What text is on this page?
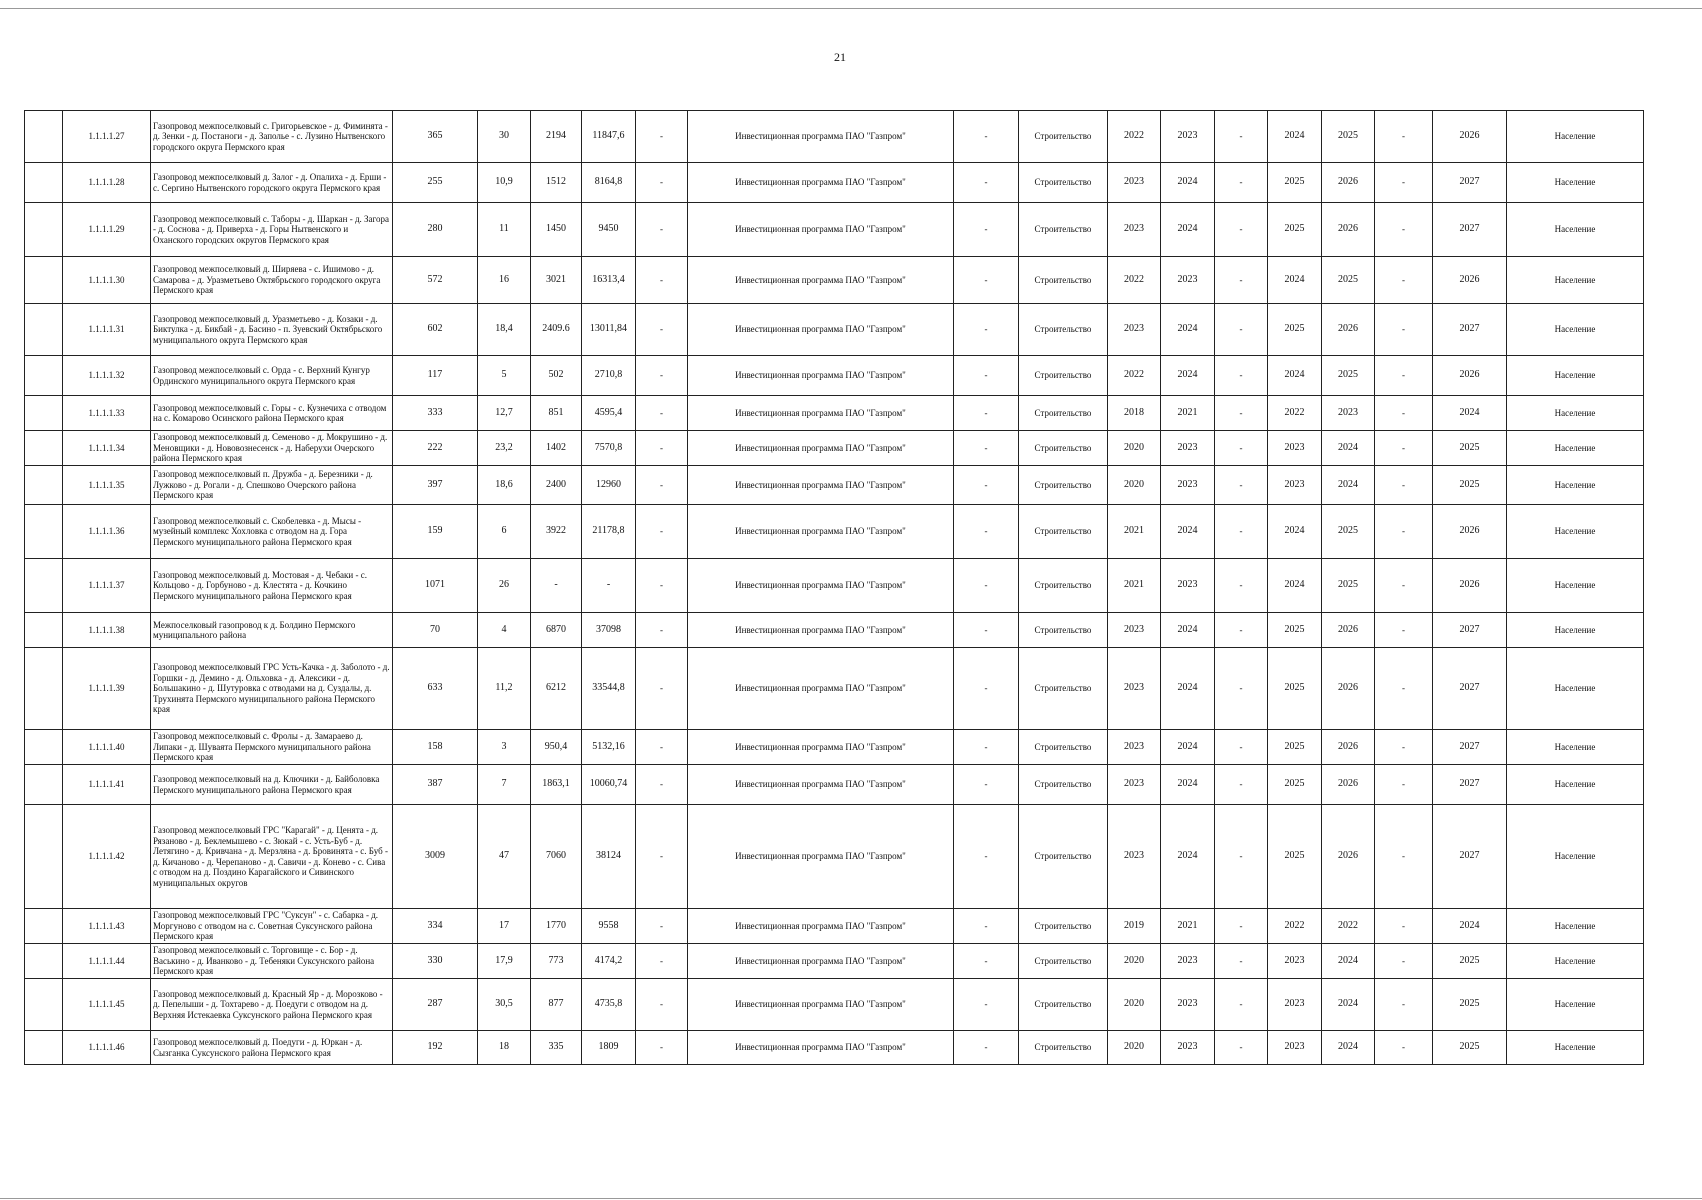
21
	1.1.1.1.27	Газопровод межпоселковый с. Григорьевское - д. Фиминята - д. Зенки - д. Постаноги - д. Заполье - с. Лузино Нытвенского городского округа Пермского края	365	30	2194	11847,6	-	Инвестиционная программа ПАО "Газпром"	-	Строительство	2022	2023	-	2024	2025	-	2026	Население
	1.1.1.1.28	Газопровод межпоселковый д. Залог - д. Опалиха - д. Ерши - с. Сергино Нытвенского городского округа Пермского края	255	10,9	1512	8164,8	-	Инвестиционная программа ПАО "Газпром"	-	Строительство	2023	2024	-	2025	2026	-	2027	Население
	1.1.1.1.29	Газопровод межпоселковый с. Таборы - д. Шаркан - д. Загора - д. Соснова - д. Приверха - д. Горы Нытвенского и Оханского городских округов Пермского края	280	11	1450	9450	-	Инвестиционная программа ПАО "Газпром"	-	Строительство	2023	2024	-	2025	2026	-	2027	Население
	1.1.1.1.30	Газопровод межпоселковый д. Ширяева - с. Ишимово - д. Самарова - д. Уразметьево Октябрьского городского округа Пермского края	572	16	3021	16313,4	-	Инвестиционная программа ПАО "Газпром"	-	Строительство	2022	2023	-	2024	2025	-	2026	Население
	1.1.1.1.31	Газопровод межпоселковый д. Уразметьево - д. Козаки - д. Биктулка - д. Бикбай - д. Басино - п. Зуевский Октябрьского муниципального округа Пермского края	602	18,4	2409.6	13011,84	-	Инвестиционная программа ПАО "Газпром"	-	Строительство	2023	2024	-	2025	2026	-	2027	Население
	1.1.1.1.32	Газопровод межпоселковый с. Орда - с. Верхний Кунгур Ординского муниципального округа Пермского края	117	5	502	2710,8	-	Инвестиционная программа ПАО "Газпром"	-	Строительство	2022	2024	-	2024	2025	-	2026	Население
	1.1.1.1.33	Газопровод межпоселковый с. Горы - с. Кузнечиха с отводом на с. Комарово Осинского района Пермского края	333	12,7	851	4595,4	-	Инвестиционная программа ПАО "Газпром"	-	Строительство	2018	2021	-	2022	2023	-	2024	Население
	1.1.1.1.34	Газопровод межпоселковый д. Семеново - д. Мокрушино - д. Меновщики - д. Нововознесенск - д. Наберухи Очерского района Пермского края	222	23,2	1402	7570,8	-	Инвестиционная программа ПАО "Газпром"	-	Строительство	2020	2023	-	2023	2024	-	2025	Население
	1.1.1.1.35	Газопровод межпоселковый п. Дружба - д. Березники - д. Лужково - д. Рогали - д. Спешково Очерского района Пермского края	397	18,6	2400	12960	-	Инвестиционная программа ПАО "Газпром"	-	Строительство	2020	2023	-	2023	2024	-	2025	Население
	1.1.1.1.36	Газопровод межпоселковый с. Скобелевка - д. Мысы - музейный комплекс Хохловка с отводом на д. Гора Пермского муниципального района Пермского края	159	6	3922	21178,8	-	Инвестиционная программа ПАО "Газпром"	-	Строительство	2021	2024	-	2024	2025	-	2026	Население
	1.1.1.1.37	Газопровод межпоселковый д. Мостовая - д. Чебаки - с. Кольцово - д. Горбуново - д. Клестята - д. Кочкино Пермского муниципального района Пермского края	1071	26	-	-	-	Инвестиционная программа ПАО "Газпром"	-	Строительство	2021	2023	-	2024	2025	-	2026	Население
	1.1.1.1.38	Межпоселковый газопровод к д. Болдино Пермского муниципального района	70	4	6870	37098	-	Инвестиционная программа ПАО "Газпром"	-	Строительство	2023	2024	-	2025	2026	-	2027	Население
	1.1.1.1.39	Газопровод межпоселковый ГРС Усть-Качка - д. Заболото - д. Горшки - д. Демино - д. Ольховка - д. Алексики - д. Большакино - д. Шутуровка с отводами на д. Суздалы, д. Трухинята Пермского муниципального района Пермского края	633	11,2	6212	33544,8	-	Инвестиционная программа ПАО "Газпром"	-	Строительство	2023	2024	-	2025	2026	-	2027	Население
	1.1.1.1.40	Газопровод межпоселковый с. Фролы - д. Замараево д. Липаки - д. Шуваята Пермского муниципального района Пермского края	158	3	950,4	5132,16	-	Инвестиционная программа ПАО "Газпром"	-	Строительство	2023	2024	-	2025	2026	-	2027	Население
	1.1.1.1.41	Газопровод межпоселковый на д. Ключики - д. Байболовка Пермского муниципального района Пермского края	387	7	1863,1	10060,74	-	Инвестиционная программа ПАО "Газпром"	-	Строительство	2023	2024	-	2025	2026	-	2027	Население
	1.1.1.1.42	Газопровод межпоселковый ГРС "Карагай" - д. Ценята - д. Рязаново - д. Беклемышево - с. Зюкай - с. Усть-Буб - д. Летягино - д. Кривчана - д. Мерзляна - д. Бровинята - с. Буб - д. Кичаново - д. Черепаново - д. Савичи - д. Конево - с. Сива с отводом на д. Поздино Карагайского и Сивинского муниципальных округов	3009	47	7060	38124	-	Инвестиционная программа ПАО "Газпром"	-	Строительство	2023	2024	-	2025	2026	-	2027	Население
	1.1.1.1.43	Газопровод межпоселковый ГРС "Суксун" - с. Сабарка - д. Моргуново с отводом на с. Советная Суксунского района Пермского края	334	17	1770	9558	-	Инвестиционная программа ПАО "Газпром"	-	Строительство	2019	2021	-	2022	2022	-	2024	Население
	1.1.1.1.44	Газопровод межпоселковый с. Торговище - с. Бор - д. Васькино - д. Иванково - д. Тебеняки Суксунского района Пермского края	330	17,9	773	4174,2	-	Инвестиционная программа ПАО "Газпром"	-	Строительство	2020	2023	-	2023	2024	-	2025	Население
	1.1.1.1.45	Газопровод межпоселковый д. Красный Яр - д. Морозково - д. Пепелыши - д. Тохтарево - д. Поедуги с отводом на д. Верхняя Истекаевка Суксунского района Пермского края	287	30,5	877	4735,8	-	Инвестиционная программа ПАО "Газпром"	-	Строительство	2020	2023	-	2023	2024	-	2025	Население
	1.1.1.1.46	Газопровод межпоселковый д. Поедуги - д. Юркан - д. Сызганка Суксунского района Пермского края	192	18	335	1809	-	Инвестиционная программа ПАО "Газпром"	-	Строительство	2020	2023	-	2023	2024	-	2025	Население
